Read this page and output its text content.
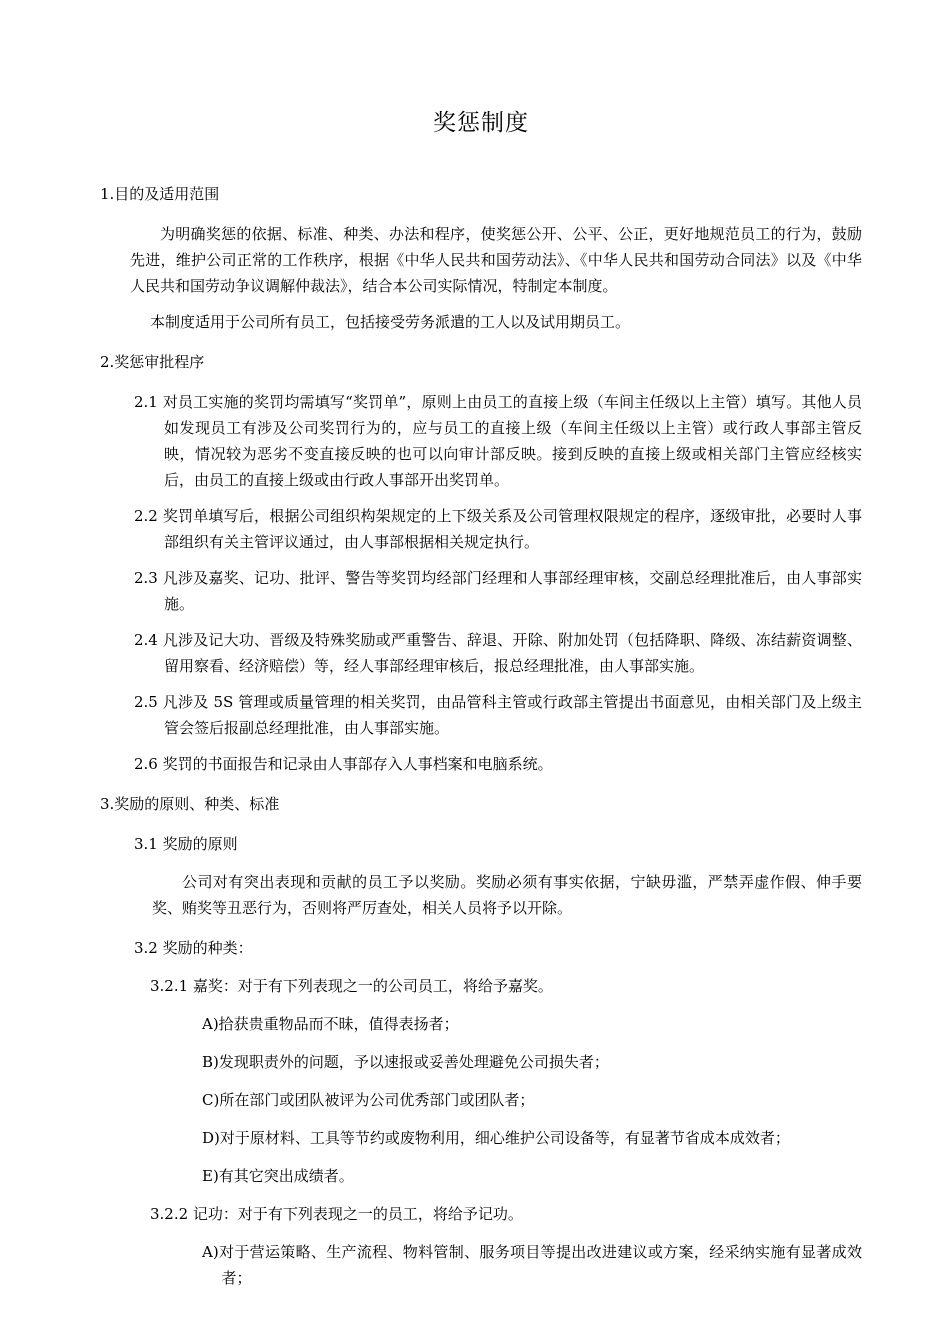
奖惩制度
1.目的及适用范围
为明确奖惩的依据、标准、种类、办法和程序，使奖惩公开、公平、公正，更好地规范员工的行为，鼓励先进，维护公司正常的工作秩序，根据《中华人民共和国劳动法》、《中华人民共和国劳动合同法》以及《中华人民共和国劳动争议调解仲裁法》，结合本公司实际情况，特制定本制度。
本制度适用于公司所有员工，包括接受劳务派遣的工人以及试用期员工。
2.奖惩审批程序
2.1 对员工实施的奖罚均需填写“奖罚单”，原则上由员工的直接上级（车间主任级以上主管）填写。其他人员如发现员工有涉及公司奖罚行为的，应与员工的直接上级（车间主任级以上主管）或行政人事部主管反映，情况较为恶劣不变直接反映的也可以向审计部反映。接到反映的直接上级或相关部门主管应经核实后，由员工的直接上级或由行政人事部开出奖罚单。
2.2 奖罚单填写后，根据公司组织构架规定的上下级关系及公司管理权限规定的程序，逐级审批，必要时人事部组织有关主管评议通过，由人事部根据相关规定执行。
2.3 凡涉及嘉奖、记功、批评、警告等奖罚均经部门经理和人事部经理审核，交副总经理批准后，由人事部实施。
2.4 凡涉及记大功、晋级及特殊奖励或严重警告、辞退、开除、附加处罚（包括降职、降级、冻结薪资调整、留用察看、经济赔偿）等，经人事部经理审核后，报总经理批准，由人事部实施。
2.5 凡涉及 5S 管理或质量管理的相关奖罚，由品管科主管或行政部主管提出书面意见，由相关部门及上级主管会签后报副总经理批准，由人事部实施。
2.6 奖罚的书面报告和记录由人事部存入人事档案和电脑系统。
3.奖励的原则、种类、标准
3.1 奖励的原则
公司对有突出表现和贡献的员工予以奖励。奖励必须有事实依据，宁缺毋滥，严禁弄虚作假、伸手要奖、贿奖等丑恶行为，否则将严厉查处，相关人员将予以开除。
3.2 奖励的种类：
3.2.1 嘉奖：对于有下列表现之一的公司员工，将给予嘉奖。
A)拾获贵重物品而不昧，值得表扬者；
B)发现职责外的问题，予以速报或妥善处理避免公司损失者；
C)所在部门或团队被评为公司优秀部门或团队者；
D)对于原材料、工具等节约或废物利用，细心维护公司设备等，有显著节省成本成效者；
E)有其它突出成绩者。
3.2.2 记功：对于有下列表现之一的员工，将给予记功。
A)对于营运策略、生产流程、物料管制、服务项目等提出改进建议或方案，经采纳实施有显著成效者；
